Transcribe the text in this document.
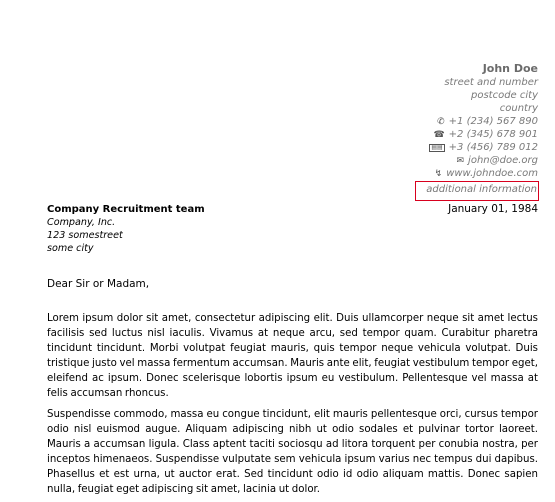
John Doe
street and number
postcode city
country
✆ +1 (234) 567 890
☎ +2 (345) 678 901
▤▤ +3 (456) 789 012
✉ john@doe.org
↯ www.johndoe.com
additional information
Company Recruitment team
Company, Inc.
123 somestreet
some city
January 01, 1984
Dear Sir or Madam,

Lorem ipsum dolor sit amet, consectetur adipiscing elit. Duis ullamcorper neque sit amet lectus facilisis sed luctus nisl iaculis. Vivamus at neque arcu, sed tempor quam. Curabitur pharetra tincidunt tincidunt. Morbi volutpat feugiat mauris, quis tempor neque vehicula volutpat. Duis tristique justo vel massa fermentum accumsan. Mauris ante elit, feugiat vestibulum tempor eget, eleifend ac ipsum. Donec scelerisque lobortis ipsum eu vestibulum. Pellentesque vel massa at felis accumsan rhoncus.

Suspendisse commodo, massa eu congue tincidunt, elit mauris pellentesque orci, cursus tempor odio nisl euismod augue. Aliquam adipiscing nibh ut odio sodales et pulvinar tortor laoreet. Mauris a accumsan ligula. Class aptent taciti sociosqu ad litora torquent per conubia nostra, per inceptos himenaeos. Suspendisse vulputate sem vehicula ipsum varius nec tempus dui dapibus. Phasellus et est urna, ut auctor erat. Sed tincidunt odio id odio aliquam mattis. Donec sapien nulla, feugiat eget adipiscing sit amet, lacinia ut dolor.
